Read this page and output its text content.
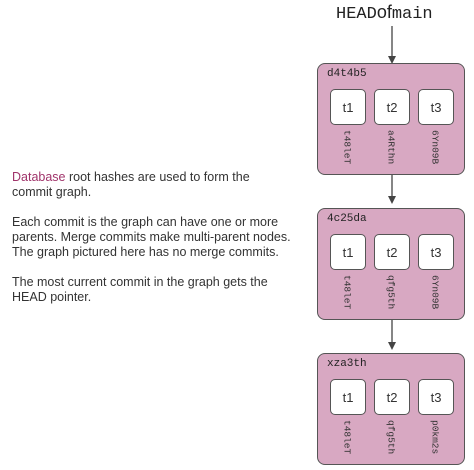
HEADofmain

Database root hashes are used to form the commit graph.

Each commit is the graph can have one or more parents. Merge commits make multi-parent nodes. The graph pictured here has no merge commits.

The most current commit in the graph gets the HEAD pointer.

d4t4b5
t1	t2	t3
t48leT	a4Rthn	6Yn09B
4c25da
t1	t2	t3
t48leT	qfg5th	6Yn09B
xza3th
t1	t2	t3
t48leT	qfg5th	p0km2s
